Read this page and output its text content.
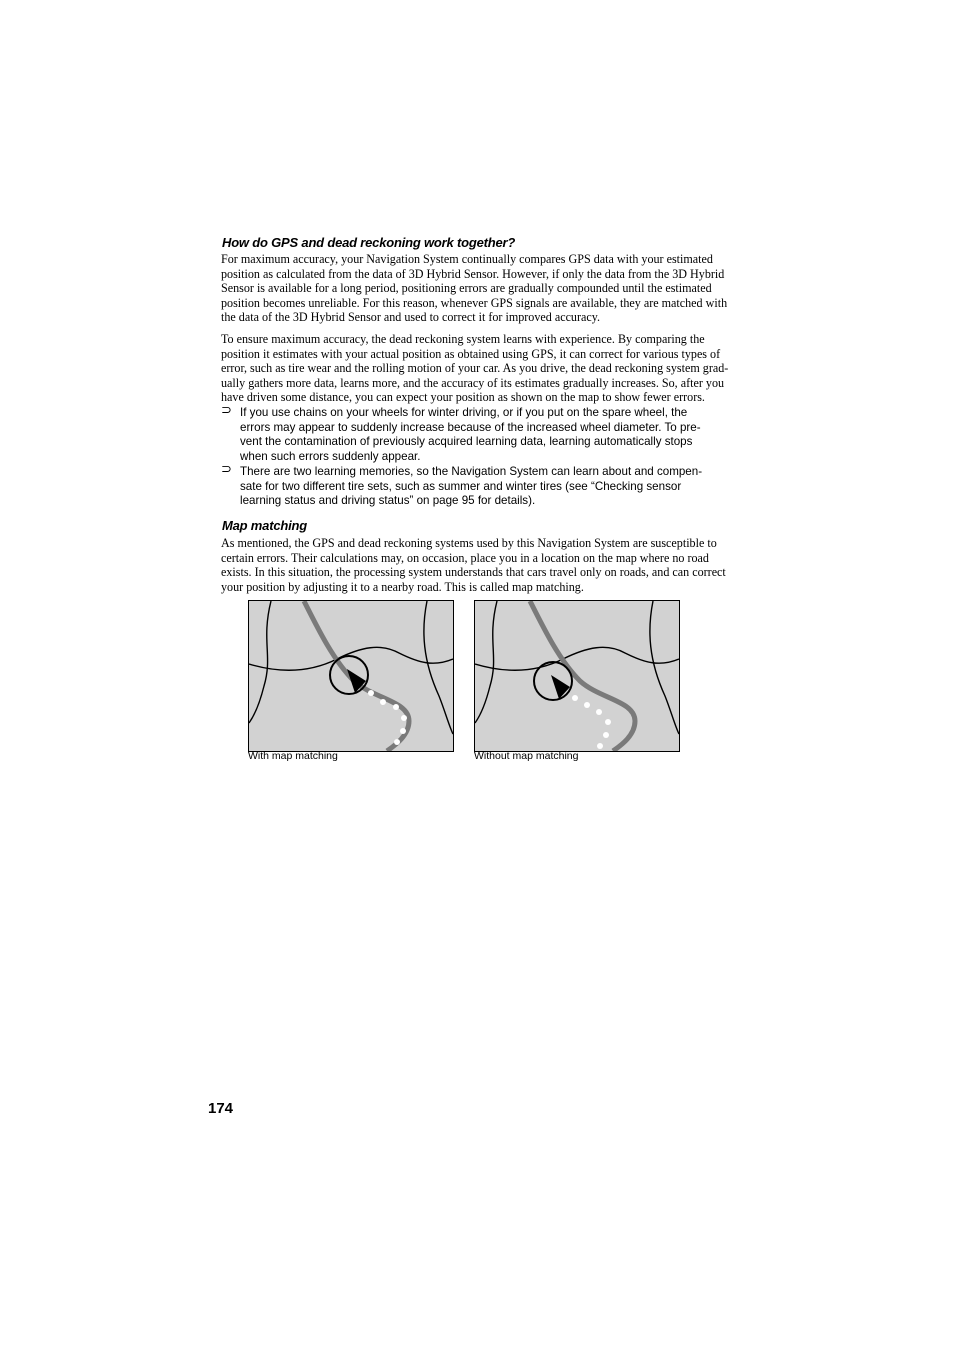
How do GPS and dead reckoning work together?
For maximum accuracy, your Navigation System continually compares GPS data with your estimated
position as calculated from the data of 3D Hybrid Sensor. However, if only the data from the 3D Hybrid
Sensor is available for a long period, positioning errors are gradually compounded until the estimated
position becomes unreliable. For this reason, whenever GPS signals are available, they are matched with
the data of the 3D Hybrid Sensor and used to correct it for improved accuracy.
To ensure maximum accuracy, the dead reckoning system learns with experience. By comparing the
position it estimates with your actual position as obtained using GPS, it can correct for various types of
error, such as tire wear and the rolling motion of your car. As you drive, the dead reckoning system grad-
ually gathers more data, learns more, and the accuracy of its estimates gradually increases. So, after you
have driven some distance, you can expect your position as shown on the map to show fewer errors.
⊃ If you use chains on your wheels for winter driving, or if you put on the spare wheel, the
errors may appear to suddenly increase because of the increased wheel diameter. To pre-
vent the contamination of previously acquired learning data, learning automatically stops
when such errors suddenly appear.
⊃ There are two learning memories, so the Navigation System can learn about and compen-
sate for two different tire sets, such as summer and winter tires (see “Checking sensor
learning status and driving status” on page 95 for details).
Map matching
As mentioned, the GPS and dead reckoning systems used by this Navigation System are susceptible to
certain errors. Their calculations may, on occasion, place you in a location on the map where no road
exists. In this situation, the processing system understands that cars travel only on roads, and can correct
your position by adjusting it to a nearby road. This is called map matching.
With map matching	Without map matching
174
